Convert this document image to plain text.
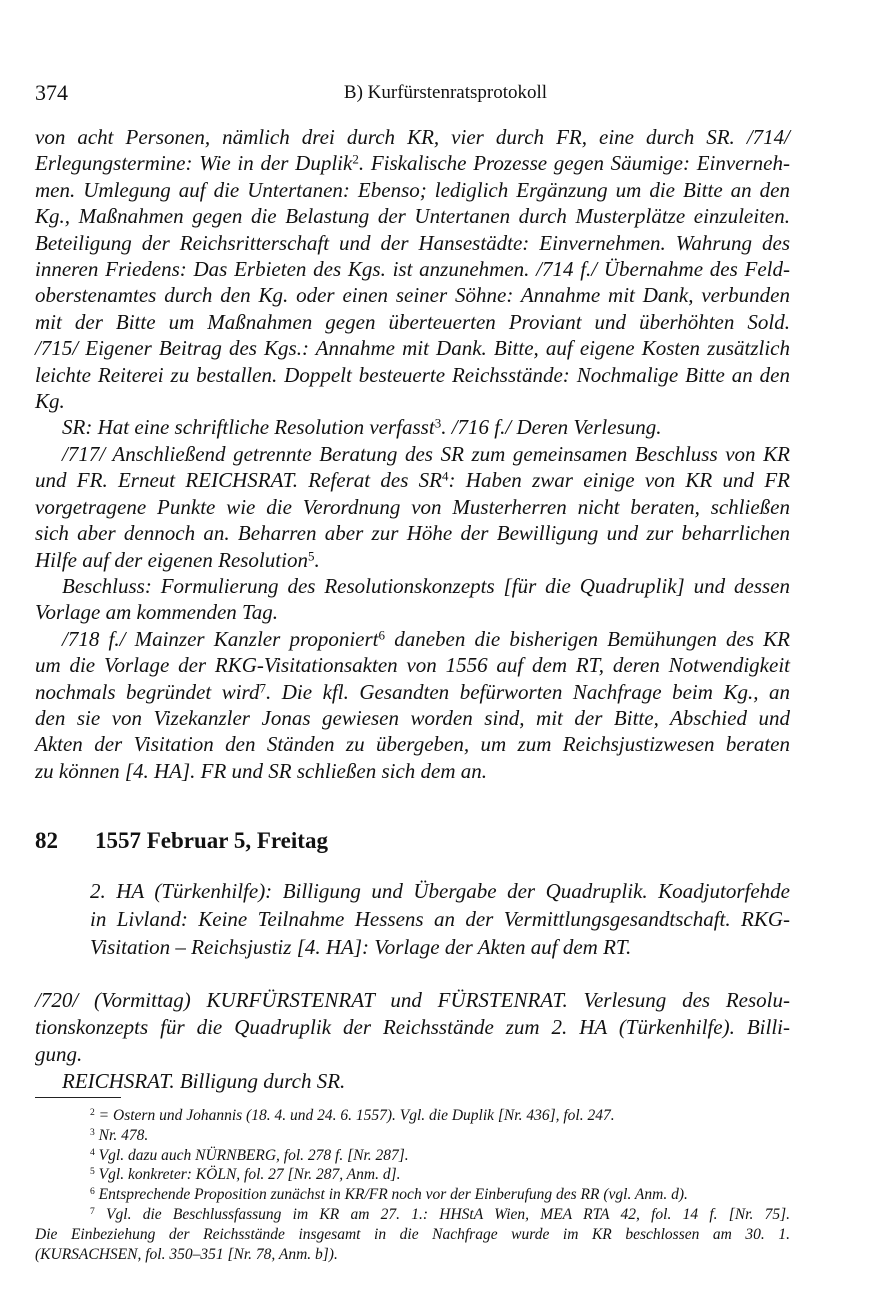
374	B) Kurfürstenratsprotokoll
von acht Personen, nämlich drei durch KR, vier durch FR, eine durch SR. /714/
Erlegungstermine: Wie in der Duplik$^2$. Fiskalische Prozesse gegen Säumige: Einverneh-
men. Umlegung auf die Untertanen: Ebenso; lediglich Ergänzung um die Bitte an den
Kg., Maßnahmen gegen die Belastung der Untertanen durch Musterplätze einzuleiten.
Beteiligung der Reichsritterschaft und der Hansestädte: Einvernehmen. Wahrung des
inneren Friedens: Das Erbieten des Kgs. ist anzunehmen. /714 f./ Übernahme des Feld-
oberstenamtes durch den Kg. oder einen seiner Söhne: Annahme mit Dank, verbunden
mit der Bitte um Maßnahmen gegen überteuerten Proviant und überhöhten Sold.
/715/ Eigener Beitrag des Kgs.: Annahme mit Dank. Bitte, auf eigene Kosten zusätzlich
leichte Reiterei zu bestallen. Doppelt besteuerte Reichsstände: Nochmalige Bitte an den
Kg.
SR: Hat eine schriftliche Resolution verfasst$^3$. /716 f./ Deren Verlesung.
/717/ Anschließend getrennte Beratung des SR zum gemeinsamen Beschluss von KR
und FR. Erneut REICHSRAT. Referat des $SR^4$: Haben zwar einige von KR und FR
vorgetragene Punkte wie die Verordnung von Musterherren nicht beraten, schließen
sich aber dennoch an. Beharren aber zur Höhe der Bewilligung und zur beharrlichen
Hilfe auf der eigenen Resolution$^5$.
Beschluss: Formulierung des Resolutionskonzepts [für die Quadruplik] und dessen
Vorlage am kommenden Tag.
/718 f./ Mainzer Kanzler proponiert$^6$ daneben die bisherigen Bemühungen des KR
um die Vorlage der RKG-Visitationsakten von 1556 auf dem RT, deren Notwendigkeit
nochmals begründet wird$^7$. Die kfl. Gesandten befürworten Nachfrage beim Kg., an
den sie von Vizekanzler Jonas gewiesen worden sind, mit der Bitte, Abschied und
Akten der Visitation den Ständen zu übergeben, um zum Reichsjustizwesen beraten
zu können [4. HA]. FR und SR schließen sich dem an.
82 1557 Februar 5, Freitag
2. HA (Türkenhilfe): Billigung und Übergabe der Quadruplik. Koadjutorfehde
in Livland: Keine Teilnahme Hessens an der Vermittlungsgesandtschaft. RKG-
Visitation – Reichsjustiz [4. HA]: Vorlage der Akten auf dem RT.
/720/ (Vormittag) KURFÜRSTENRAT und FÜRSTENRAT. Verlesung des Resolu-
tionskonzepts für die Quadruplik der Reichsstände zum 2. HA (Türkenhilfe). Billi-
gung.
REICHSRAT. Billigung durch SR.
$^2$ = Ostern und Johannis (18. 4. und 24. 6. 1557). Vgl. die Duplik [Nr. 436], fol. 247.
$^3$ Nr. 478.
$^4$ Vgl. dazu auch NÜRNBERG, fol. 278 f. [Nr. 287].
$^5$ Vgl. konkreter: KÖLN, fol. 27 [Nr. 287, Anm. d].
$^6$ Entsprechende Proposition zunächst in KR/FR noch vor der Einberufung des RR (vgl. Anm. d).
$^7$ Vgl. die Beschlussfassung im KR am 27. 1.: HHStA Wien, MEA RTA 42, fol. 14 f. [Nr. 75].
Die Einbeziehung der Reichsstände insgesamt in die Nachfrage wurde im KR beschlossen am 30. 1.
(KURSACHSEN, fol. 350–351 [Nr. 78, Anm. b]).
